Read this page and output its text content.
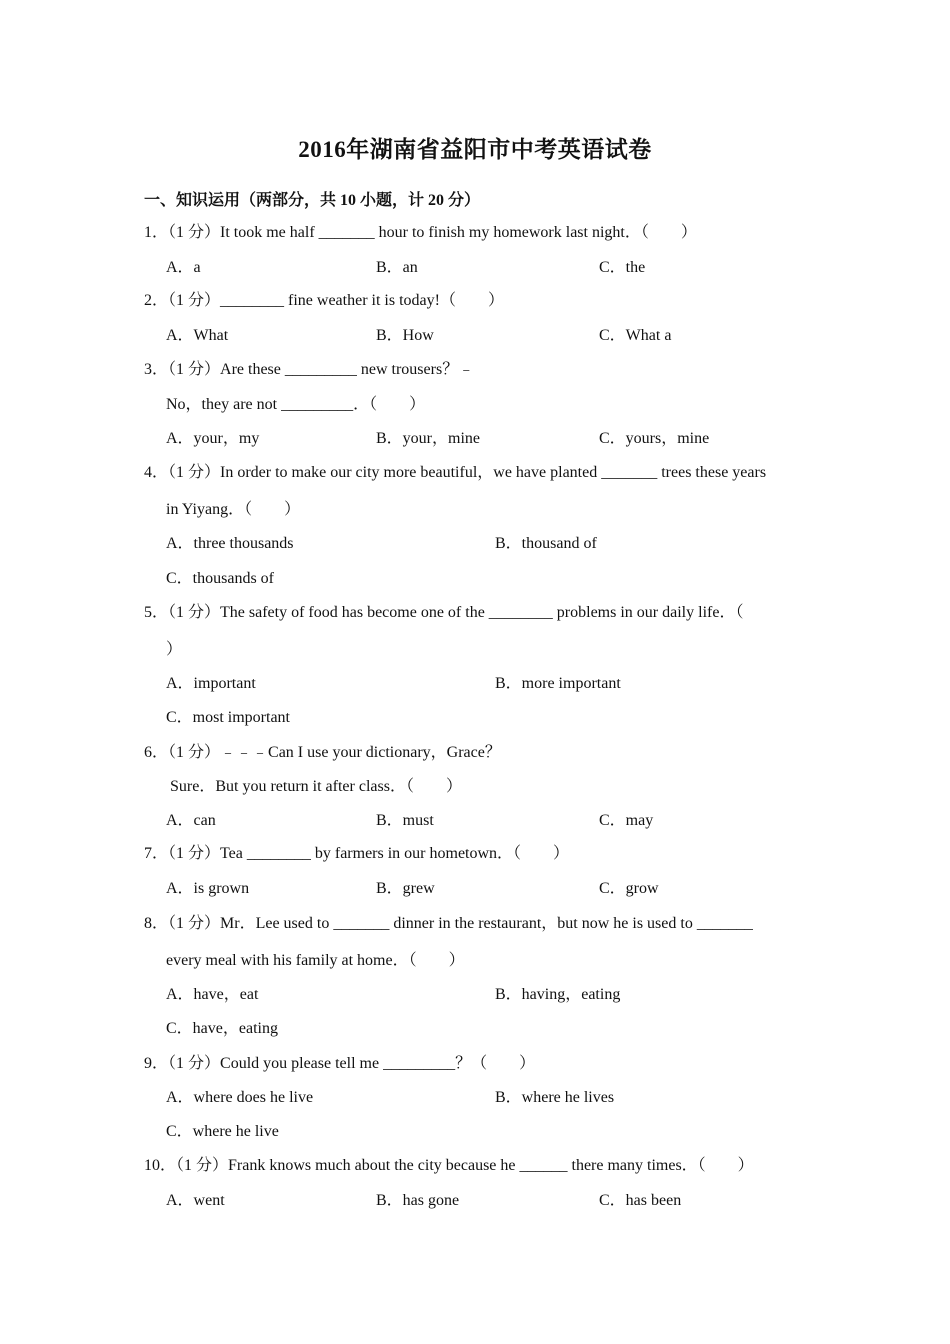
2016年湖南省益阳市中考英语试卷
一、知识运用（两部分，共 10 小题，计 20 分）
1．（1 分）It took me half _______ hour to finish my homework last night．（　　）
A．a	B．an	C．the
2．（1 分）________ fine weather it is today!（　　）
A．What	B．How	C．What a
3．（1 分）Are these _________ new trousers？﹣
No，they are not _________．（　　）
A．your，my	B．your，mine	C．yours，mine
4．（1 分）In order to make our city more beautiful，we have planted _______ trees these years
in Yiyang．（　　）
A．three thousands	B．thousand of
C．thousands of
5．（1 分）The safety of food has become one of the ________ problems in our daily life．（
）
A．important	B．more important
C．most important
6．（1 分）﹣﹣﹣Can I use your dictionary，Grace？
Sure．But you return it after class．（　　）
A．can	B．must	C．may
7．（1 分）Tea ________ by farmers in our hometown．（　　）
A．is grown	B．grew	C．grow
8．（1 分）Mr．Lee used to _______ dinner in the restaurant，but now he is used to _______
every meal with his family at home．（　　）
A．have，eat	B．having，eating
C．have，eating
9．（1 分）Could you please tell me _________？（　　）
A．where does he live	B．where he lives
C．where he live
10．（1 分）Frank knows much about the city because he ______ there many times．（　　）
A．went	B．has gone	C．has been
